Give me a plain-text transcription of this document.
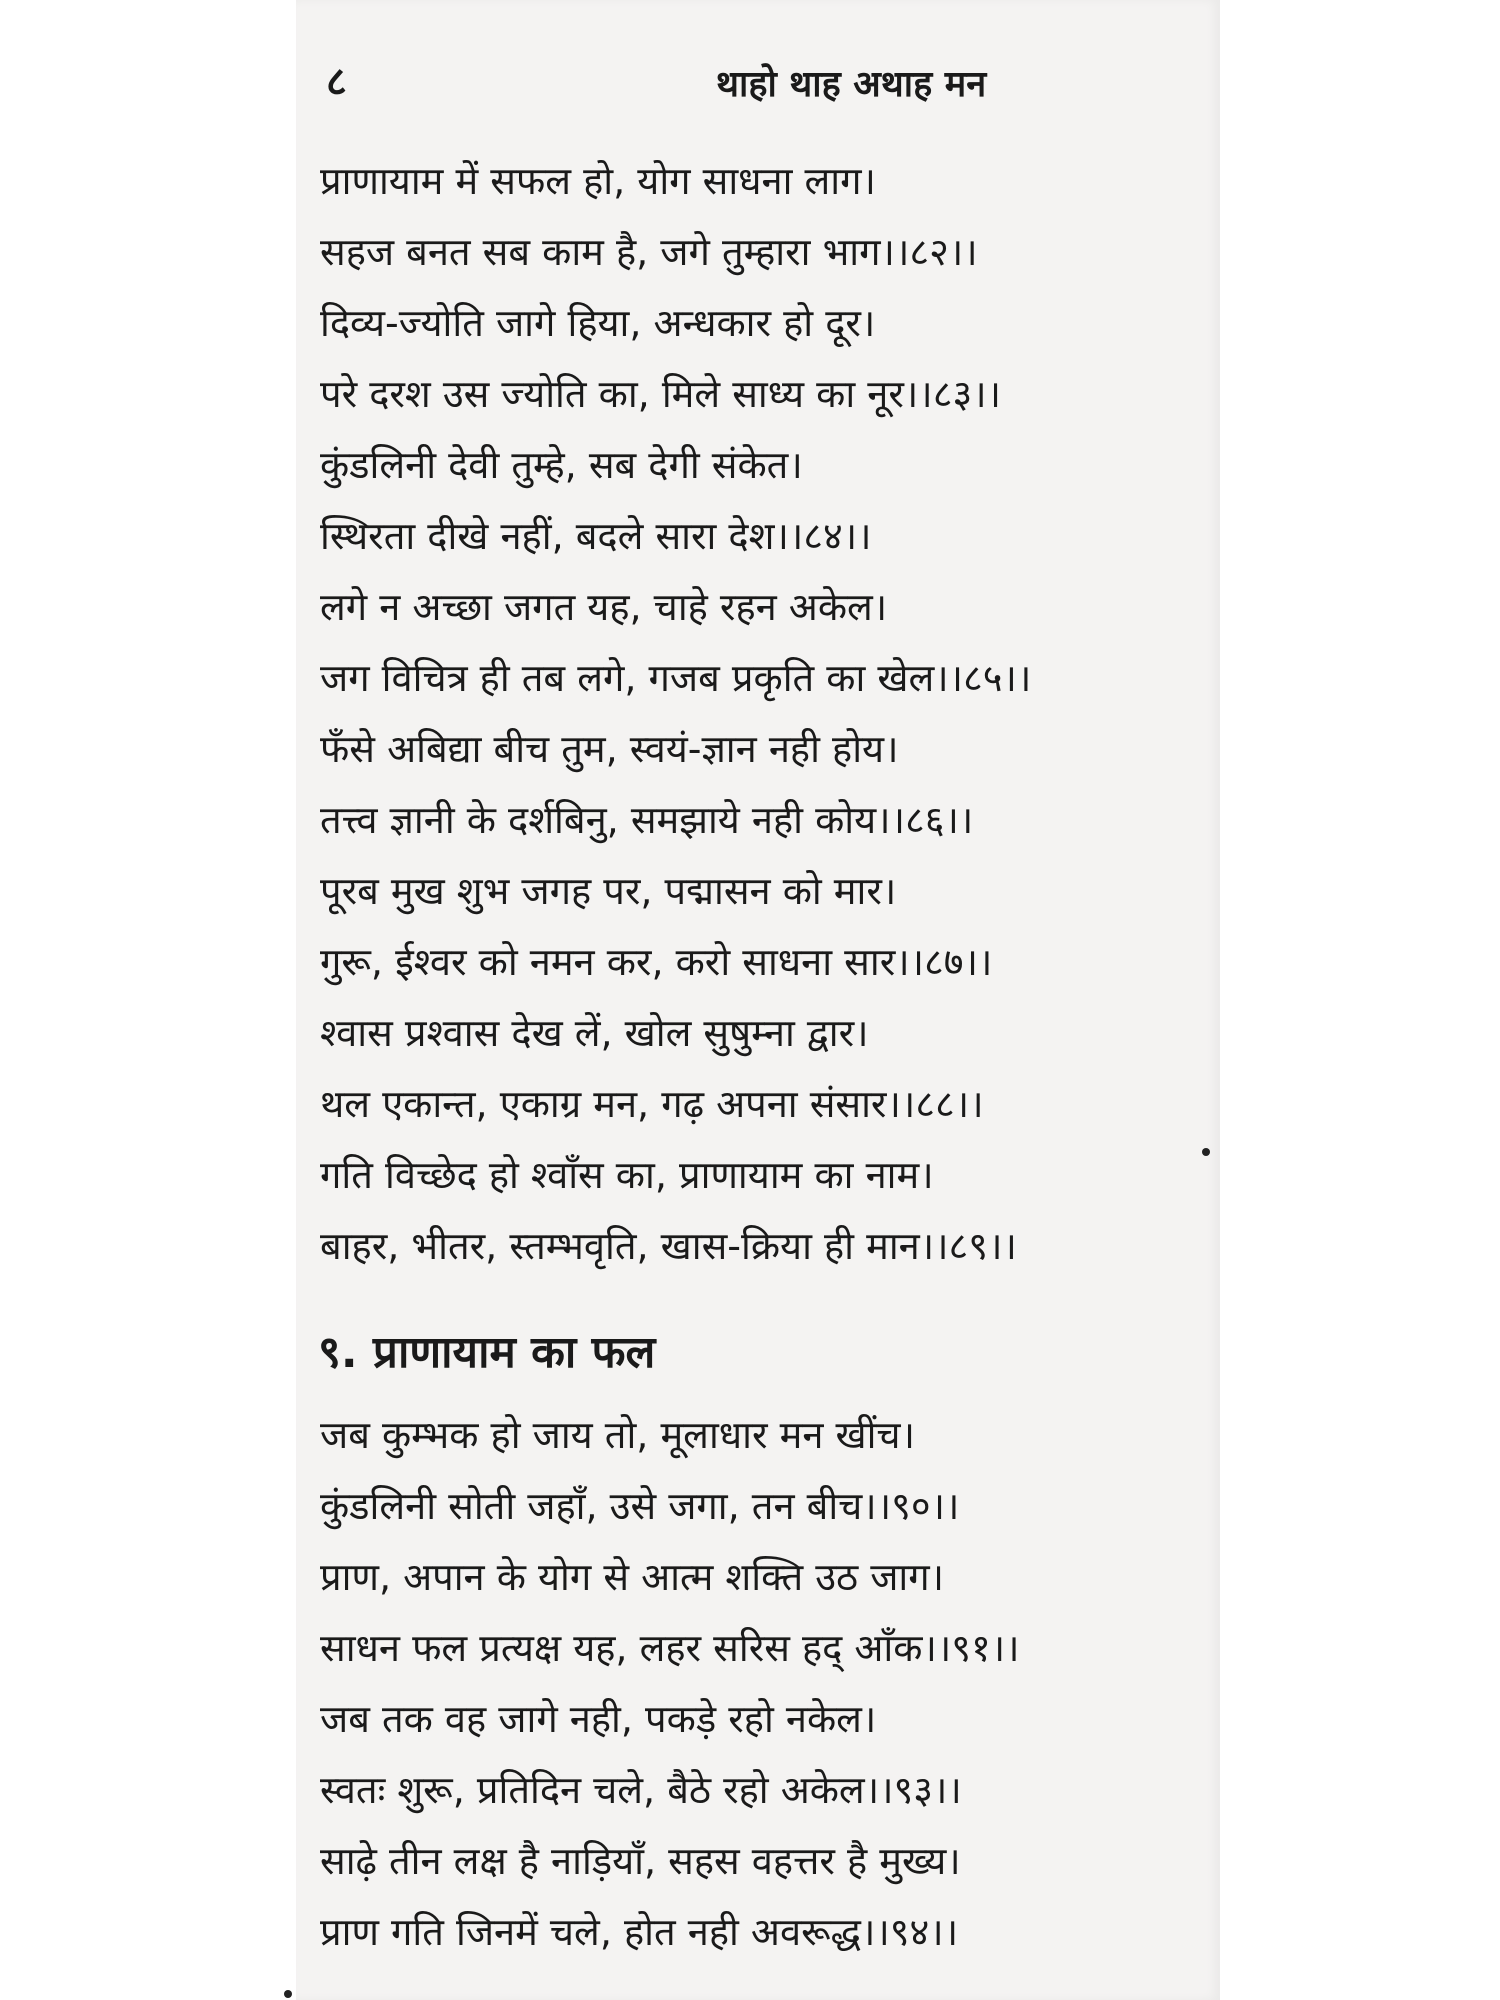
८	थाहो थाह अथाह मन
प्राणायाम में सफल हो, योग साधना लाग।
सहज बनत सब काम है, जगे तुम्हारा भाग।।८२।।
दिव्य-ज्योति जागे हिया, अन्धकार हो दूर।
परे दरश उस ज्योति का, मिले साध्य का नूर।।८३।।
कुंडलिनी देवी तुम्हे, सब देगी संकेत।
स्थिरता दीखे नहीं, बदले सारा देश।।८४।।
लगे न अच्छा जगत यह, चाहे रहन अकेल।
जग विचित्र ही तब लगे, गजब प्रकृति का खेल।।८५।।
फँसे अबिद्या बीच तुम, स्वयं-ज्ञान नही होय।
तत्त्व ज्ञानी के दर्शबिनु, समझाये नही कोय।।८६।।
पूरब मुख शुभ जगह पर, पद्मासन को मार।
गुरू, ईश्वर को नमन कर, करो साधना सार।।८७।।
श्वास प्रश्वास देख लें, खोल सुषुम्ना द्वार।
थल एकान्त, एकाग्र मन, गढ़ अपना संसार।।८८।।
गति विच्छेद हो श्वाँस का, प्राणायाम का नाम।
बाहर, भीतर, स्तम्भवृति, खास-क्रिया ही मान।।८९।।
९. प्राणायाम का फल
जब कुम्भक हो जाय तो, मूलाधार मन खींच।
कुंडलिनी सोती जहाँ, उसे जगा, तन बीच।।९०।।
प्राण, अपान के योग से आत्म शक्ति उठ जाग।
साधन फल प्रत्यक्ष यह, लहर सरिस हद् आँक।।९१।।
जब तक वह जागे नही, पकड़े रहो नकेल।
स्वतः शुरू, प्रतिदिन चले, बैठे रहो अकेल।।९३।।
साढ़े तीन लक्ष है नाड़ियाँ, सहस वहत्तर है मुख्य।
प्राण गति जिनमें चले, होत नही अवरूद्ध।।९४।।
